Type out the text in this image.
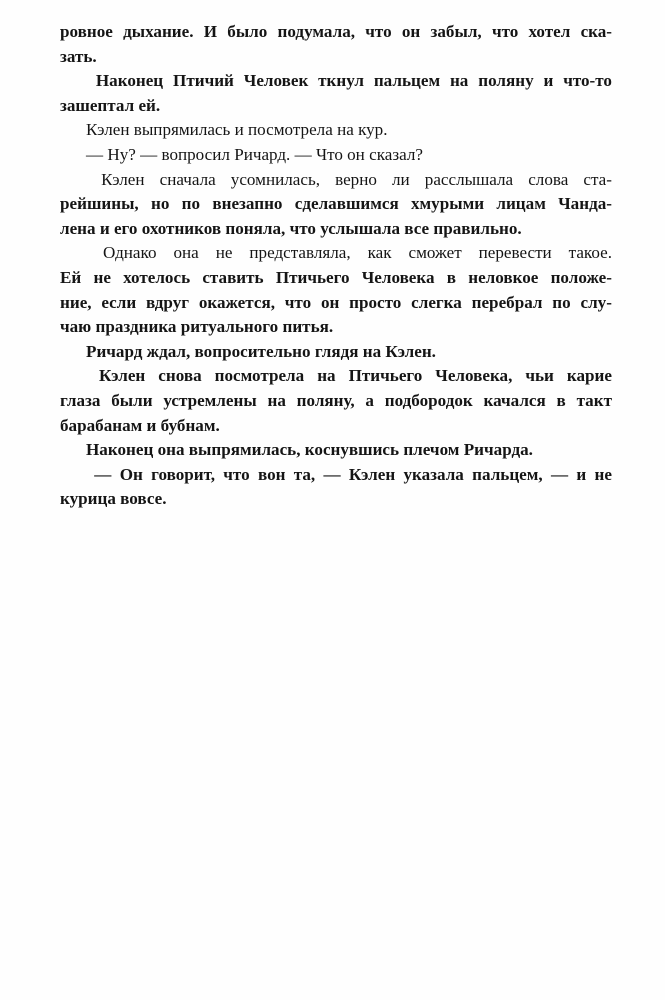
ровное дыхание. И было подумала, что он забыл, что хотел ска-
зать.
Наконец Птичий Человек ткнул пальцем на поляну и что-то
зашептал ей.
Кэлен выпрямилась и посмотрела на кур.
— Ну? — вопросил Ричард. — Что он сказал?
Кэлен сначала усомнилась, верно ли расслышала слова ста-
рейшины, но по внезапно сделавшимся хмурыми лицам Чанда-
лена и его охотников поняла, что услышала все правильно.
Однако она не представляла, как сможет перевести такое.
Ей не хотелось ставить Птичьего Человека в неловкое положе-
ние, если вдруг окажется, что он просто слегка перебрал по слу-
чаю праздника ритуального питья.
Ричард ждал, вопросительно глядя на Кэлен.
Кэлен снова посмотрела на Птичьего Человека, чьи карие
глаза были устремлены на поляну, а подбородок качался в такт
барабанам и бубнам.
Наконец она выпрямилась, коснувшись плечом Ричарда.
— Он говорит, что вон та, — Кэлен указала пальцем, — и не
курица вовсе.
